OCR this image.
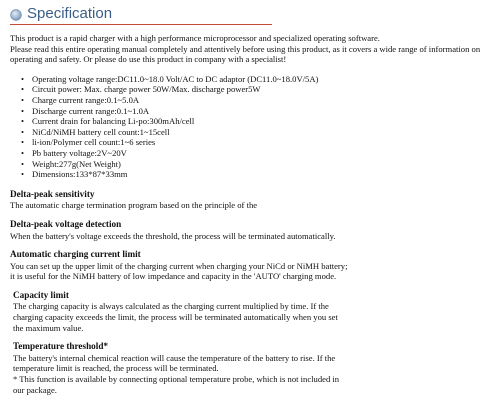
Specification

This product is a rapid charger with a high performance microprocessor and specialized operating software.

Please read this entire operating manual completely and attentively before using this product, as it covers a wide range of information on

operating and safety. Or please do use this product in company with a specialist!

• Operating voltage range:DC11.0~18.0 Volt/AC to DC adaptor (DC11.0~18.0V/5A)
• Circuit power: Max. charge power 50W/Max. discharge power5W
• Charge current range:0.1~5.0A
• Discharge current range:0.1~1.0A
• Current drain for balancing Li-po:300mAh/cell
• NiCd/NiMH battery cell count:1~15cell
• li-ion/Polymer cell count:1~6 series
• Pb battery voltage:2V~20V
• Weight:277g(Net Weight)
• Dimensions:133*87*33mm
Delta-peak sensitivity

The automatic charge termination program based on the principle of the

Delta-peak voltage detection

When the battery's voltage exceeds the threshold, the process will be terminated automatically.

Automatic charging current limit

You can set up the upper limit of the charging current when charging your NiCd or NiMH battery;

it is useful for the NiMH battery of low impedance and capacity in the 'AUTO' charging mode.

Capacity limit

The charging capacity is always calculated as the charging current multiplied by time. If the

charging capacity exceeds the limit, the process will be terminated automatically when you set

the maximum value.

Temperature threshold*

The battery's internal chemical reaction will cause the temperature of the battery to rise. If the

temperature limit is reached, the process will be terminated.

* This function is available by connecting optional temperature probe, which is not included in

our package.
